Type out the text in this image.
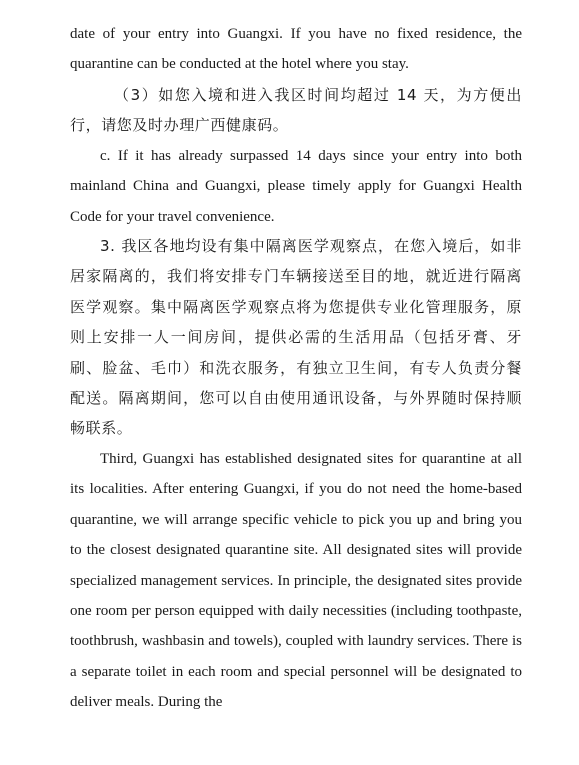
date of your entry into Guangxi. If you have no fixed residence, the quarantine can be conducted at the hotel where you stay.

（3）如您入境和进入我区时间均超过 14 天，为方便出行，请您及时办理广西健康码。

c. If it has already surpassed 14 days since your entry into both mainland China and Guangxi, please timely apply for Guangxi Health Code for your travel convenience.

3. 我区各地均设有集中隔离医学观察点，在您入境后，如非居家隔离的，我们将安排专门车辆接送至目的地，就近进行隔离医学观察。集中隔离医学观察点将为您提供专业化管理服务，原则上安排一人一间房间，提供必需的生活用品（包括牙膏、牙刷、脸盆、毛巾）和洗衣服务，有独立卫生间，有专人负责分餐配送。隔离期间，您可以自由使用通讯设备，与外界随时保持顺畅联系。

Third, Guangxi has established designated sites for quarantine at all its localities. After entering Guangxi, if you do not need the home-based quarantine, we will arrange specific vehicle to pick you up and bring you to the closest designated quarantine site. All designated sites will provide specialized management services. In principle, the designated sites provide one room per person equipped with daily necessities (including toothpaste, toothbrush, washbasin and towels), coupled with laundry services. There is a separate toilet in each room and special personnel will be designated to deliver meals. During the
